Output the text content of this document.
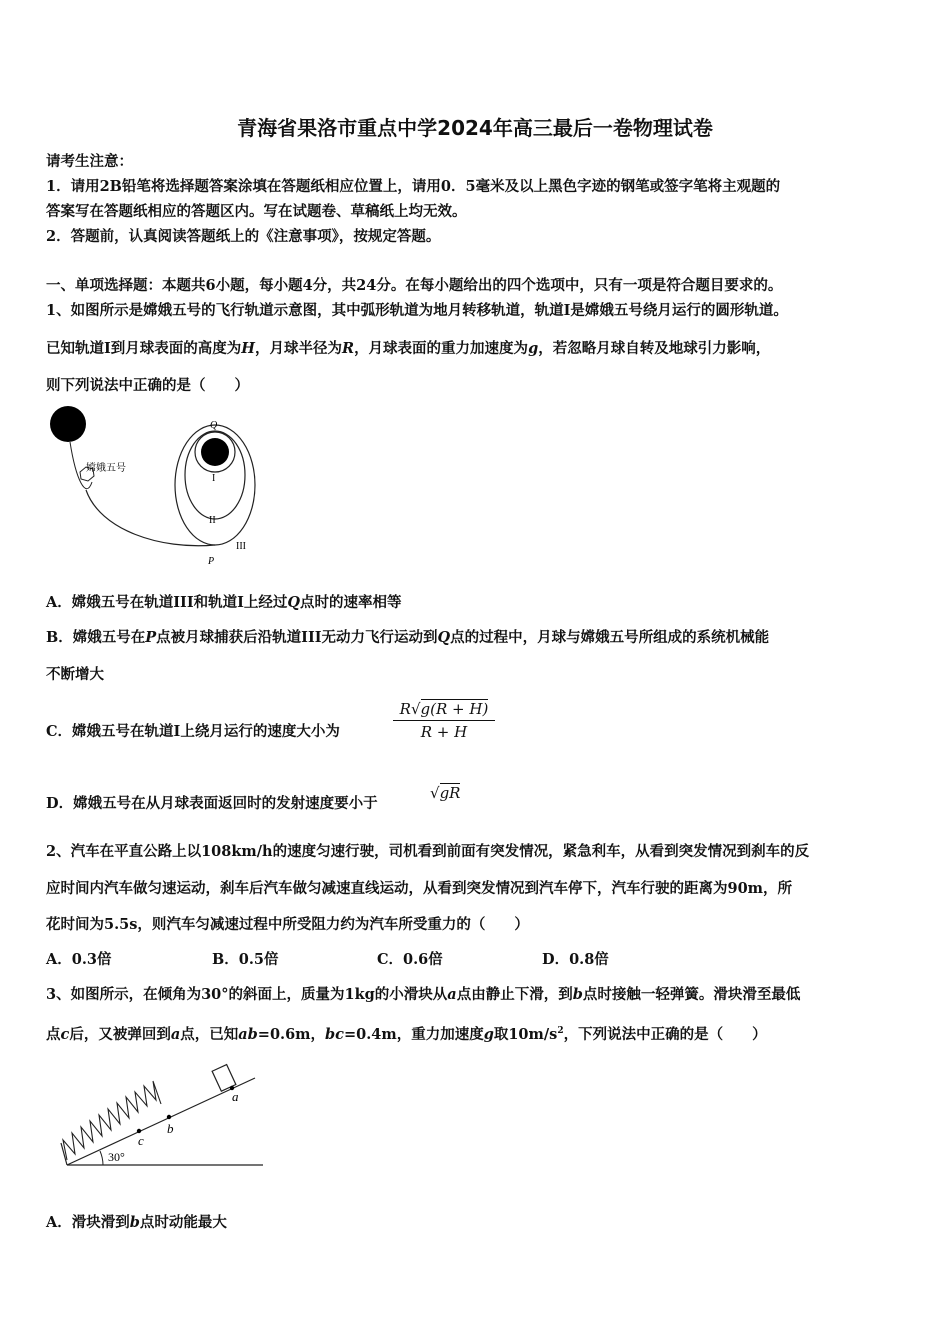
青海省果洛市重点中学2024年高三最后一卷物理试卷
请考生注意：
1．请用2B铅笔将选择题答案涂填在答题纸相应位置上，请用0．5毫米及以上黑色字迹的钢笔或签字笔将主观题的
答案写在答题纸相应的答题区内。写在试题卷、草稿纸上均无效。
2．答题前，认真阅读答题纸上的《注意事项》，按规定答题。
一、单项选择题：本题共6小题，每小题4分，共24分。在每小题给出的四个选项中，只有一项是符合题目要求的。
1、如图所示是嫦娥五号的飞行轨道示意图，其中弧形轨道为地月转移轨道，轨道I是嫦娥五号绕月运行的圆形轨道。
已知轨道I到月球表面的高度为H，月球半径为R，月球表面的重力加速度为g，若忽略月球自转及地球引力影响，
则下列说法中正确的是（　　）
嫦娥五号
Q
I
II
III
P
A．嫦娥五号在轨道III和轨道I上经过Q点时的速率相等
B．嫦娥五号在P点被月球捕获后沿轨道III无动力飞行运动到Q点的过程中，月球与嫦娥五号所组成的系统机械能
不断增大
C．嫦娥五号在轨道I上绕月运行的速度大小为	$\frac{R√g(R + H)}{R + H}$
D．嫦娥五号在从月球表面返回时的发射速度要小于
√gR
2、汽车在平直公路上以108km/h的速度匀速行驶，司机看到前面有突发情况，紧急利车，从看到突发情况到刹车的反
应时间内汽车做匀速运动，刹车后汽车做匀减速直线运动，从看到突发情况到汽车停下，汽车行驶的距离为90m，所
花时间为5.5s，则汽车匀减速过程中所受阻力约为汽车所受重力的（　　）
A．0.3倍	B．0.5倍	C．0.6倍	D．0.8倍
3、如图所示，在倾角为30°的斜面上，质量为1kg的小滑块从a点由静止下滑，到b点时接触一轻弹簧。滑块滑至最低
点c后，又被弹回到a点，已知ab=0.6m，bc=0.4m，重力加速度g取$10m/s^2$，下列说法中正确的是（　　）
a
b
c
30°
A．滑块滑到b点时动能最大
